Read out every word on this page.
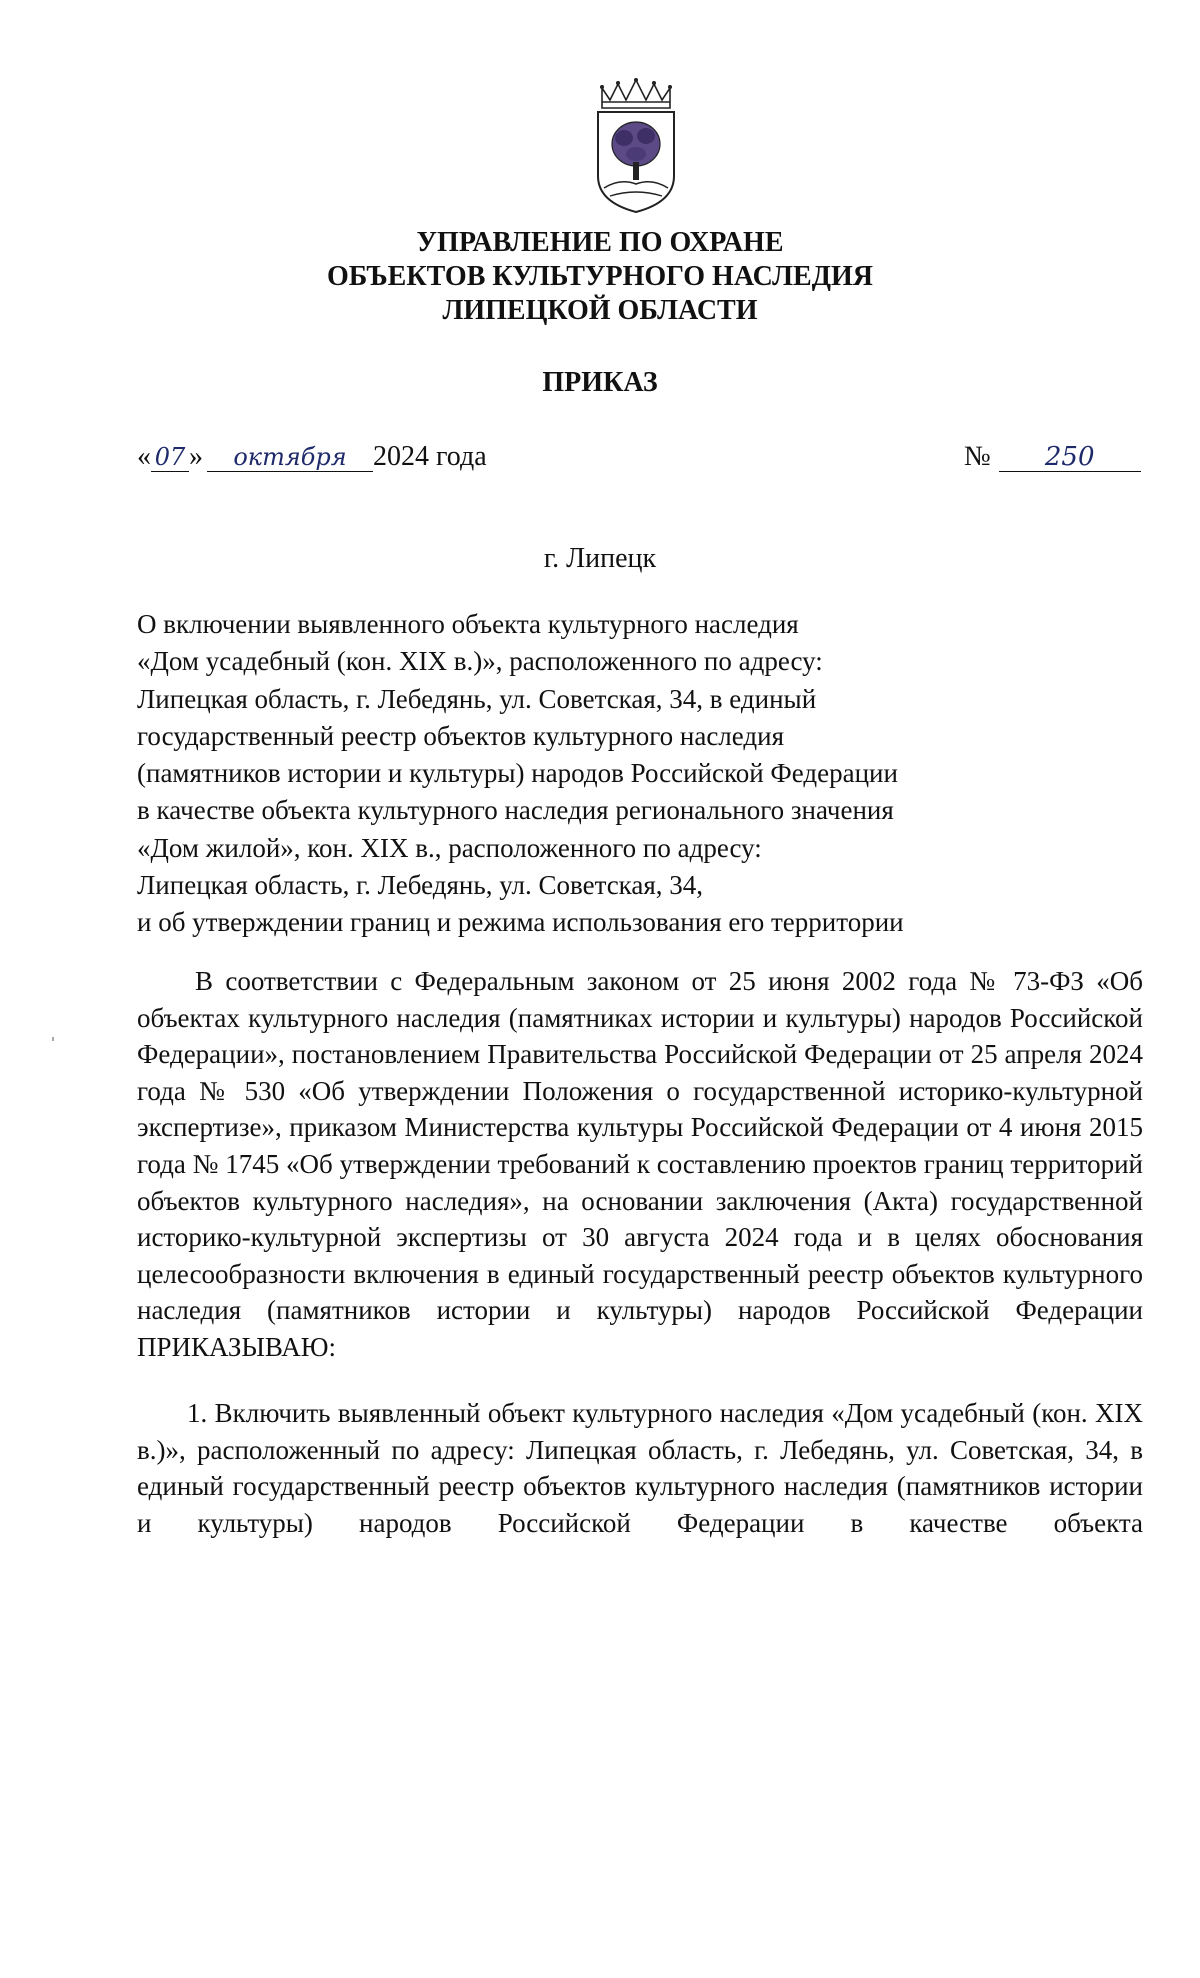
УПРАВЛЕНИЕ ПО ОХРАНЕ
ОБЪЕКТОВ КУЛЬТУРНОГО НАСЛЕДИЯ
ЛИПЕЦКОЙ ОБЛАСТИ
ПРИКАЗ
« 07 » октября 2024 года	№ 250
г. Липецк
О включении выявленного объекта культурного наследия
«Дом усадебный (кон. XIX в.)», расположенного по адресу:
Липецкая область, г. Лебедянь, ул. Советская, 34, в единый
государственный реестр объектов культурного наследия
(памятников истории и культуры) народов Российской Федерации
в качестве объекта культурного наследия регионального значения
«Дом жилой», кон. XIX в., расположенного по адресу:
Липецкая область, г. Лебедянь, ул. Советская, 34,
и об утверждении границ и режима использования его территории
В соответствии с Федеральным законом от 25 июня 2002 года № 73-ФЗ «Об объектах культурного наследия (памятниках истории и культуры) народов Российской Федерации», постановлением Правительства Российской Федерации от 25 апреля 2024 года № 530 «Об утверждении Положения о государственной историко-культурной экспертизе», приказом Министерства культуры Российской Федерации от 4 июня 2015 года № 1745 «Об утверждении требований к составлению проектов границ территорий объектов культурного наследия», на основании заключения (Акта) государственной историко-культурной экспертизы от 30 августа 2024 года и в целях обоснования целесообразности включения в единый государственный реестр объектов культурного наследия (памятников истории и культуры) народов Российской Федерации ПРИКАЗЫВАЮ:
1. Включить выявленный объект культурного наследия «Дом усадебный (кон. XIX в.)», расположенный по адресу: Липецкая область, г. Лебедянь, ул. Советская, 34, в единый государственный реестр объектов культурного наследия (памятников истории и культуры) народов Российской Федерации в качестве объекта
